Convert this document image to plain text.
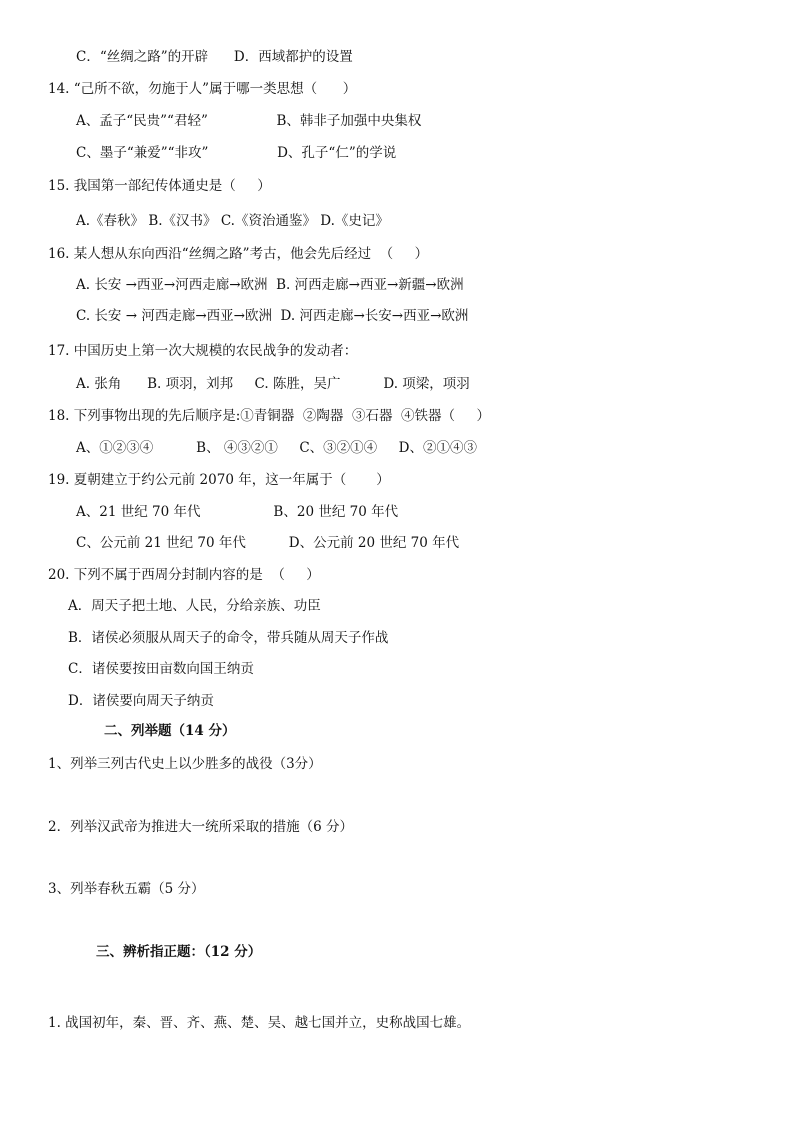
C．“丝绸之路”的开辟      D．西域都护的设置
14. “己所不欲，勿施于人”属于哪一类思想（      ）
A、孟子“民贵”“君轻”                B、韩非子加强中央集权
C、墨子“兼爱”“非攻”                D、孔子“仁”的学说
15. 我国第一部纪传体通史是（     ）
A.《春秋》 B.《汉书》 C.《资治通鉴》 D.《史记》
16. 某人想从东向西沿“丝绸之路”考古，他会先后经过  （     ）
A. 长安 →西亚→河西走廊→欧洲  B. 河西走廊→西亚→新疆→欧洲
C. 长安 → 河西走廊→西亚→欧洲  D. 河西走廊→长安→西亚→欧洲
17. 中国历史上第一次大规模的农民战争的发动者：
A. 张角      B. 项羽，刘邦     C. 陈胜，吴广          D. 项梁，项羽
18. 下列事物出现的先后顺序是:①青铜器  ②陶器  ③石器  ④铁器（     ）
A、①②③④          B、 ④③②①     C、③②①④     D、②①④③
19. 夏朝建立于约公元前 2070 年，这一年属于（       ）
A、21 世纪 70 年代                 B、20 世纪 70 年代
C、公元前 21 世纪 70 年代          D、公元前 20 世纪 70 年代
20. 下列不属于西周分封制内容的是  （     ）
A．周天子把土地、人民，分给亲族、功臣
B．诸侯必须服从周天子的命令，带兵随从周天子作战
C．诸侯要按田亩数向国王纳贡
D．诸侯要向周天子纳贡
二、列举题（14 分）
1、列举三列古代史上以少胜多的战役（3分）
2．列举汉武帝为推进大一统所采取的措施（6 分）
3、列举春秋五霸（5 分）
三、辨析指正题：（12 分）
1. 战国初年，秦、晋、齐、燕、楚、吴、越七国并立，史称战国七雄。
